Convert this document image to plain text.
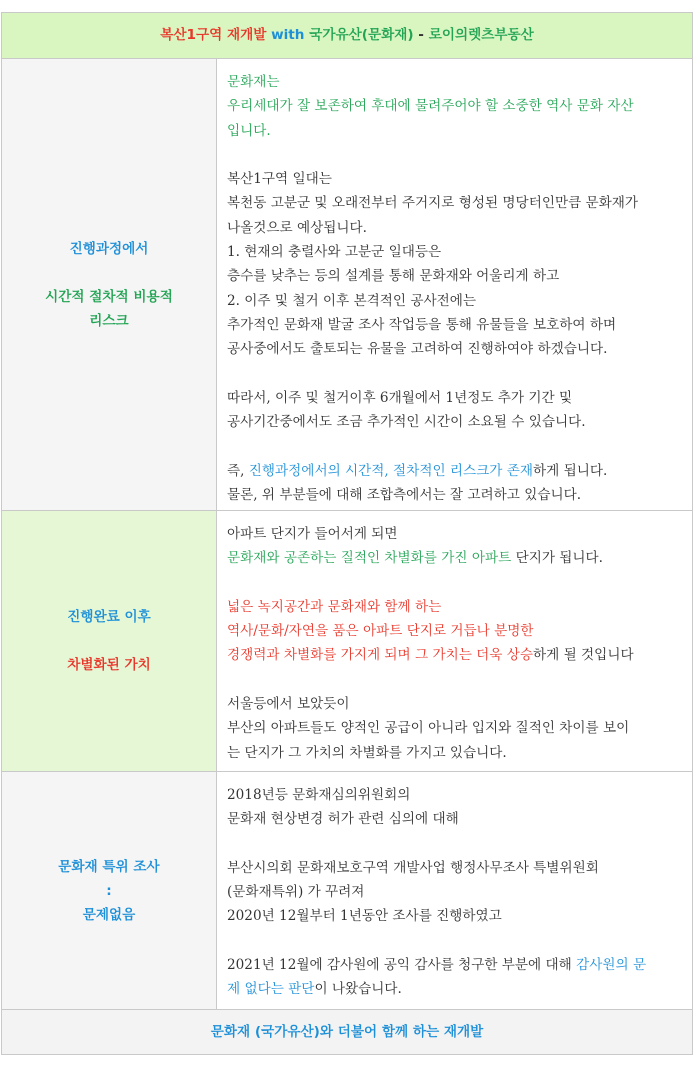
복산1구역 재개발 with 국가유산(문화재) - 로이의렛츠부동산

진행과정에서

시간적 절차적 비용적

리스크

문화재는

우리세대가 잘 보존하여 후대에 물려주어야 할 소중한 역사 문화 자산

입니다.

복산1구역 일대는

복천동 고분군 및 오래전부터 주거지로 형성된 명당터인만큼 문화재가

나올것으로 예상됩니다.

1. 현재의 충렬사와 고분군 일대등은

층수를 낮추는 등의 설계를 통해 문화재와 어울리게 하고

2. 이주 및 철거 이후 본격적인 공사전에는

추가적인 문화재 발굴 조사 작업등을 통해 유물들을 보호하여 하며

공사중에서도 출토되는 유물을 고려하여 진행하여야 하겠습니다.

따라서, 이주 및 철거이후 6개월에서 1년정도 추가 기간 및

공사기간중에서도 조금 추가적인 시간이 소요될 수 있습니다.

즉, 진행과정에서의 시간적, 절차적인 리스크가 존재하게 됩니다.

물론, 위 부분들에 대해 조합측에서는 잘 고려하고 있습니다.

진행완료 이후

차별화된 가치

아파트 단지가 들어서게 되면

문화재와 공존하는 질적인 차별화를 가진 아파트 단지가 됩니다.

넓은 녹지공간과 문화재와 함께 하는

역사/문화/자연을 품은 아파트 단지로 거듭나 분명한

경쟁력과 차별화를 가지게 되며 그 가치는 더욱 상승하게 될 것입니다

서울등에서 보았듯이

부산의 아파트들도 양적인 공급이 아니라 입지와 질적인 차이를 보이

는 단지가 그 가치의 차별화를 가지고 있습니다.

문화재 특위 조사

:

문제없음

2018년등 문화재심의위원회의

문화재 현상변경 허가 관련 심의에 대해

부산시의회 문화재보호구역 개발사업 행정사무조사 특별위원회

(문화재특위) 가 꾸려져

2020년 12월부터 1년동안 조사를 진행하였고

2021년 12월에 감사원에 공익 감사를 청구한 부분에 대해 감사원의 문

제 없다는 판단이 나왔습니다.

문화재 (국가유산)와 더불어 함께 하는 재개발
